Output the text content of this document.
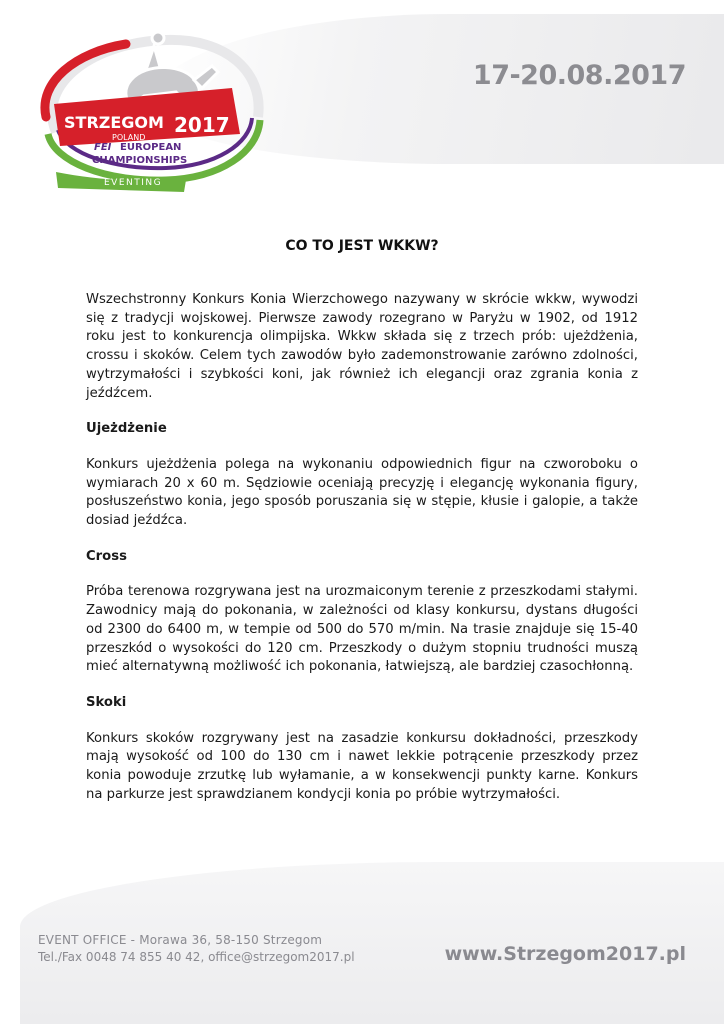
STRZEGOM 2017
POLAND
FEI EUROPEAN
CHAMPIONSHIPS
EVENTING
17-20.08.2017
CO TO JEST WKKW?

Wszechstronny Konkurs Konia Wierzchowego nazywany w skrócie wkkw, wywodzi się z tradycji wojskowej. Pierwsze zawody rozegrano w Paryżu w 1902, od 1912 roku jest to konkurencja olimpijska. Wkkw składa się z trzech prób: ujeżdżenia, crossu i skoków. Celem tych zawodów było zademonstrowanie zarówno zdolności, wytrzymałości i szybkości koni, jak również ich elegancji oraz zgrania konia z jeźdźcem.

Ujeżdżenie

Konkurs ujeżdżenia polega na wykonaniu odpowiednich figur na czworoboku o wymiarach 20 x 60 m. Sędziowie oceniają precyzję i elegancję wykonania figury, posłuszeństwo konia, jego sposób poruszania się w stępie, kłusie i galopie, a także dosiad jeźdźca.

Cross

Próba terenowa rozgrywana jest na urozmaiconym terenie z przeszkodami stałymi. Zawodnicy mają do pokonania, w zależności od klasy konkursu, dystans długości od 2300 do 6400 m, w tempie od 500 do 570 m/min. Na trasie znajduje się 15-40 przeszkód o wysokości do 120 cm. Przeszkody o dużym stopniu trudności muszą mieć alternatywną możliwość ich pokonania, łatwiejszą, ale bardziej czasochłonną.

Skoki

Konkurs skoków rozgrywany jest na zasadzie konkursu dokładności, przeszkody mają wysokość od 100 do 130 cm i nawet lekkie potrącenie przeszkody przez konia powoduje zrzutkę lub wyłamanie, a w konsekwencji punkty karne. Konkurs na parkurze jest sprawdzianem kondycji konia po próbie wytrzymałości.

EVENT OFFICE - Morawa 36, 58-150 Strzegom
Tel./Fax 0048 74 855 40 42, office@strzegom2017.pl	www.Strzegom2017.pl
